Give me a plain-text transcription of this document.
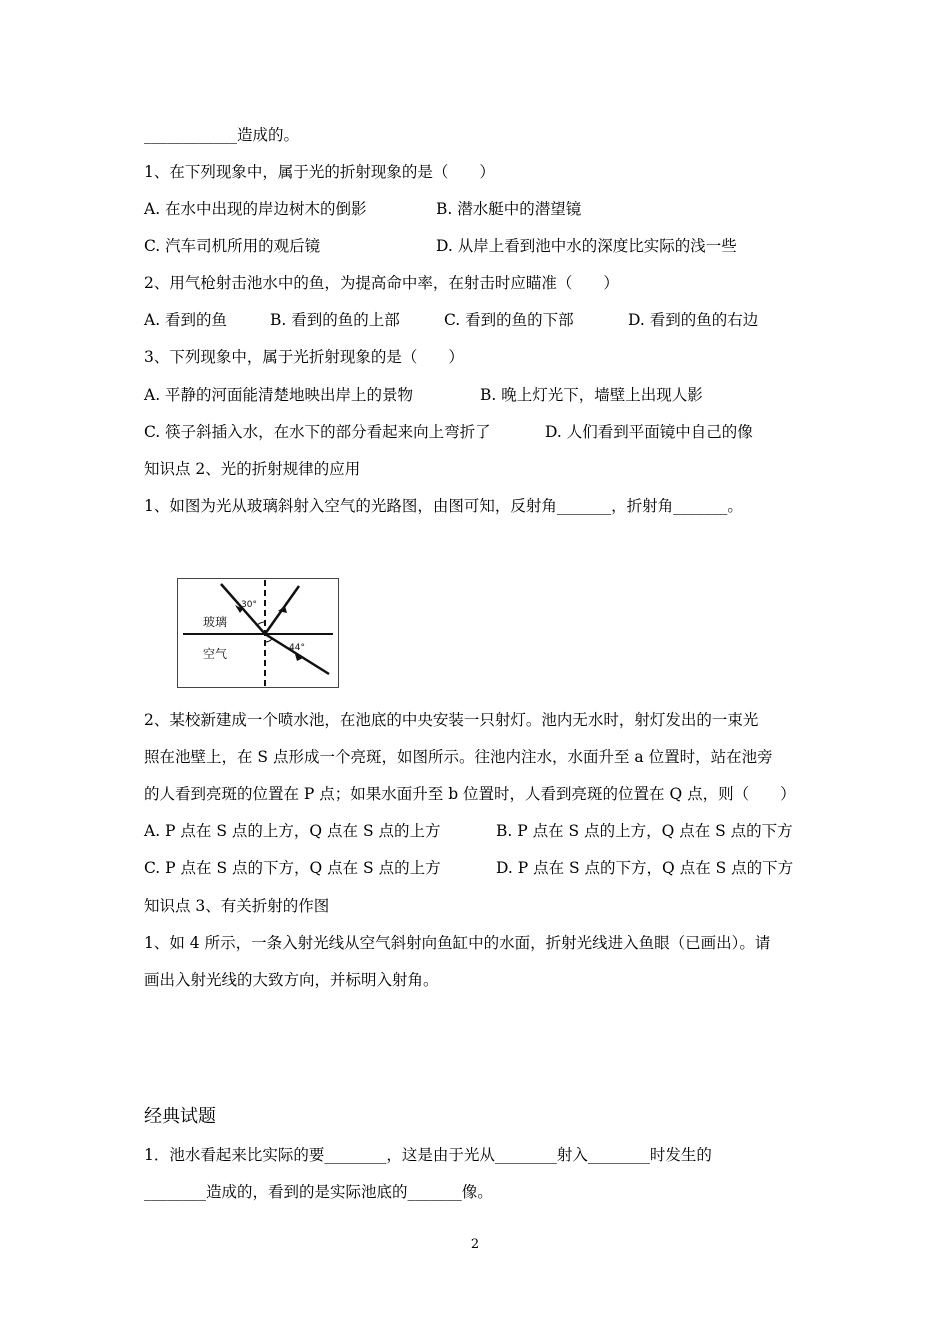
____________造成的。
1、在下列现象中，属于光的折射现象的是（　　）
A. 在水中出现的岸边树木的倒影	B. 潜水艇中的潜望镜
C. 汽车司机所用的观后镜	D. 从岸上看到池中水的深度比实际的浅一些
2、用气枪射击池水中的鱼，为提高命中率，在射击时应瞄准（　　）
A. 看到的鱼	B. 看到的鱼的上部	C. 看到的鱼的下部	D. 看到的鱼的右边
3、下列现象中，属于光折射现象的是（　　）
A. 平静的河面能清楚地映出岸上的景物	B. 晚上灯光下，墙壁上出现人影
C. 筷子斜插入水，在水下的部分看起来向上弯折了	D. 人们看到平面镜中自己的像
知识点 2、光的折射规律的应用
1、如图为光从玻璃斜射入空气的光路图，由图可知，反射角_______，折射角_______。
30°
44°
玻璃
空气
2、某校新建成一个喷水池，在池底的中央安装一只射灯。池内无水时，射灯发出的一束光
照在池壁上，在 S 点形成一个亮斑，如图所示。往池内注水，水面升至 a 位置时，站在池旁
的人看到亮斑的位置在 P 点；如果水面升至 b 位置时，人看到亮斑的位置在 Q 点，则（　　）
A. P 点在 S 点的上方，Q 点在 S 点的上方	B. P 点在 S 点的上方，Q 点在 S 点的下方
C. P 点在 S 点的下方，Q 点在 S 点的上方	D. P 点在 S 点的下方，Q 点在 S 点的下方
知识点 3、有关折射的作图
1、如 4 所示，一条入射光线从空气斜射向鱼缸中的水面，折射光线进入鱼眼（已画出）。请
画出入射光线的大致方向，并标明入射角。
经典试题
1．池水看起来比实际的要________，这是由于光从________射入________时发生的
________造成的，看到的是实际池底的_______像。
2
